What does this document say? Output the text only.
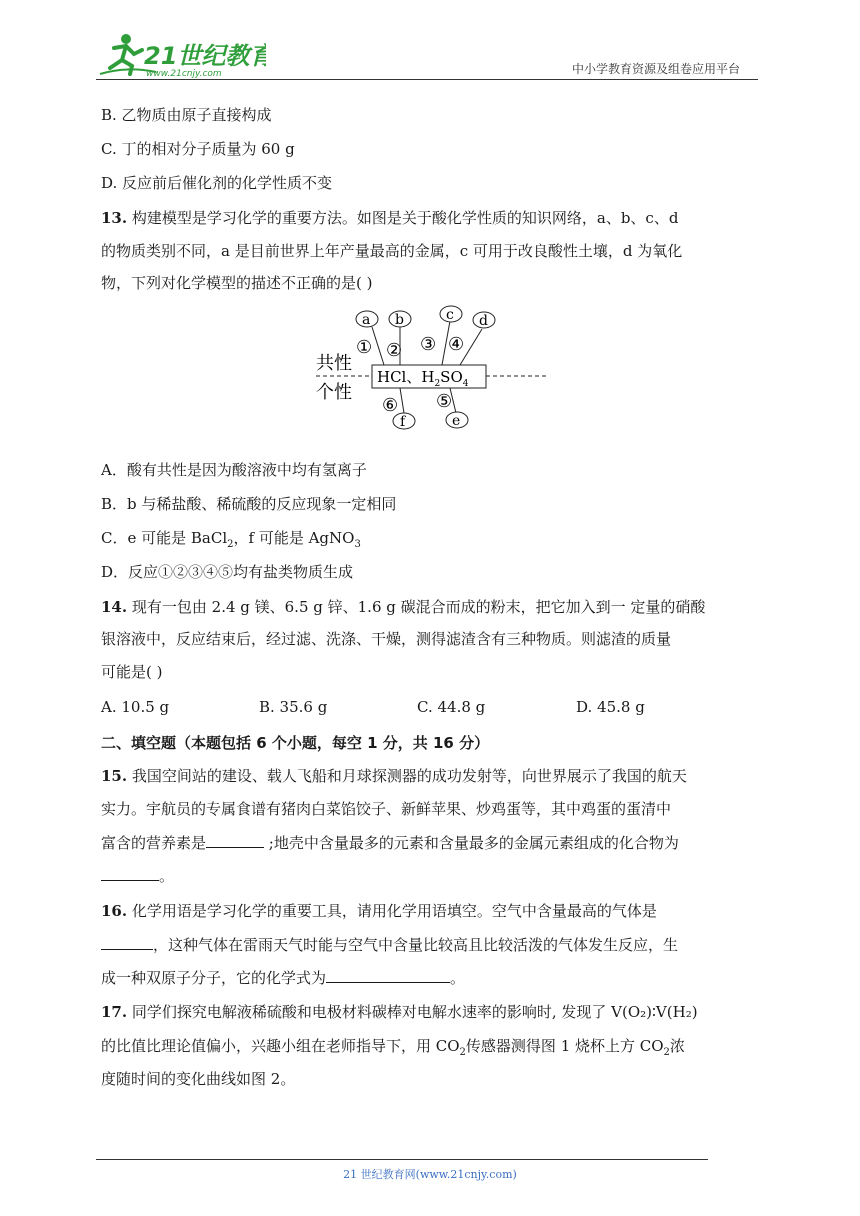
21世纪教育
www.21cnjy.com	中小学教育资源及组卷应用平台
B. 乙物质由原子直接构成
C. 丁的相对分子质量为 60 g
D. 反应前后催化剂的化学性质不变
13. 构建模型是学习化学的重要方法。如图是关于酸化学性质的知识网络，a、b、c、d
的物质类别不同，a 是目前世界上年产量最高的金属，c 可用于改良酸性土壤，d 为氧化
物，下列对化学模型的描述不正确的是( )
共性
个性
HCl、$H_2SO_4$
a b	c d
① ② ③ ④
⑥ ⑤
f	e
A．酸有共性是因为酸溶液中均有氢离子
B．b 与稀盐酸、稀硫酸的反应现象一定相同
C．e 可能是 BaCl$_2$，f 可能是 AgNO$_3$
D．反应①②③④⑤均有盐类物质生成
14. 现有一包由 2.4 g 镁、6.5 g 锌、1.6 g 碳混合而成的粉末，把它加入到一 定量的硝酸
银溶液中，反应结束后，经过滤、洗涤、干燥，测得滤渣含有三种物质。则滤渣的质量
可能是( )
A. 10.5 g	B. 35.6 g	C. 44.8 g	D. 45.8 g
二、填空题（本题包括 6 个小题，每空 1 分，共 16 分）
15. 我国空间站的建设、载人飞船和月球探测器的成功发射等，向世界展示了我国的航天
实力。宇航员的专属食谱有猪肉白菜馅饺子、新鲜苹果、炒鸡蛋等，其中鸡蛋的蛋清中
富含的营养素是	;地壳中含量最多的元素和含量最多的金属元素组成的化合物为
。
16. 化学用语是学习化学的重要工具，请用化学用语填空。空气中含量最高的气体是
，这种气体在雷雨天气时能与空气中含量比较高且比较活泼的气体发生反应，生
成一种双原子分子，它的化学式为	。
17. 同学们探究电解液稀硫酸和电极材料碳棒对电解水速率的影响时, 发现了 V(O₂)∶V(H₂)
的比值比理论值偏小，兴趣小组在老师指导下，用 $CO_2$传感器测得图 1 烧杯上方 $CO_2$浓
度随时间的变化曲线如图 2。
21 世纪教育网(www.21cnjy.com)
